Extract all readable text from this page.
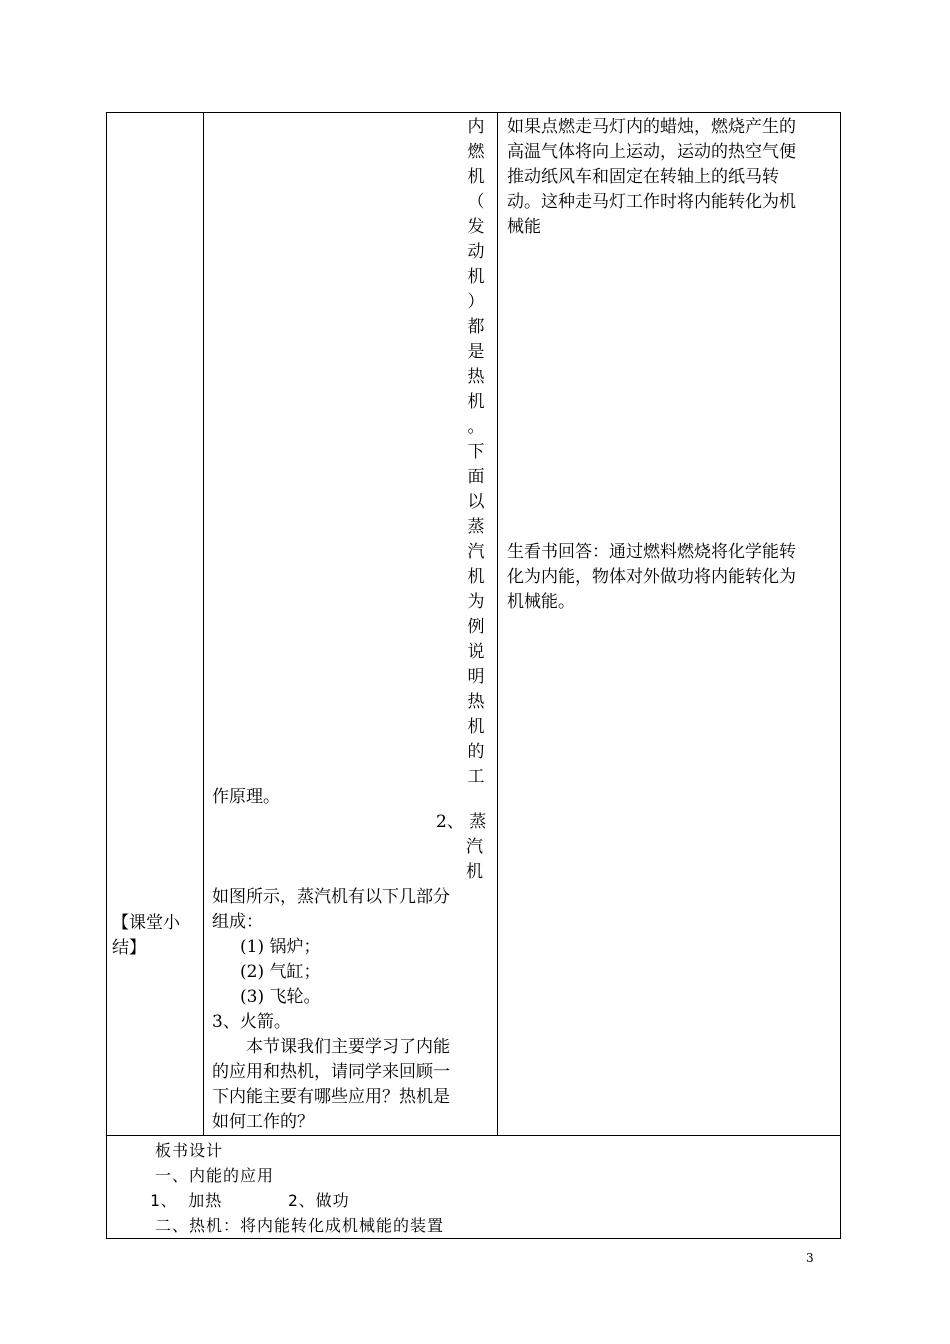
【课堂小
结】
内
燃
机
（
发
动
机
）
都
是
热
机
。
下
面
以
蒸
汽
机
为
例
说
明
热
机
的
工
作原理。
2、 蒸
汽
机
如图所示，蒸汽机有以下几部分
组成：
(1) 锅炉；
(2) 气缸；
(3) 飞轮。
3、火箭。
本节课我们主要学习了内能
的应用和热机，请同学来回顾一
下内能主要有哪些应用？热机是
如何工作的？
如果点燃走马灯内的蜡烛，燃烧产生的
高温气体将向上运动，运动的热空气便
推动纸风车和固定在转轴上的纸马转
动。这种走马灯工作时将内能转化为机
械能
生看书回答：通过燃料燃烧将化学能转
化为内能，物体对外做功将内能转化为
机械能。
板书设计
一、内能的应用
1、 加热	2、做功
二、热机：将内能转化成机械能的装置
3
